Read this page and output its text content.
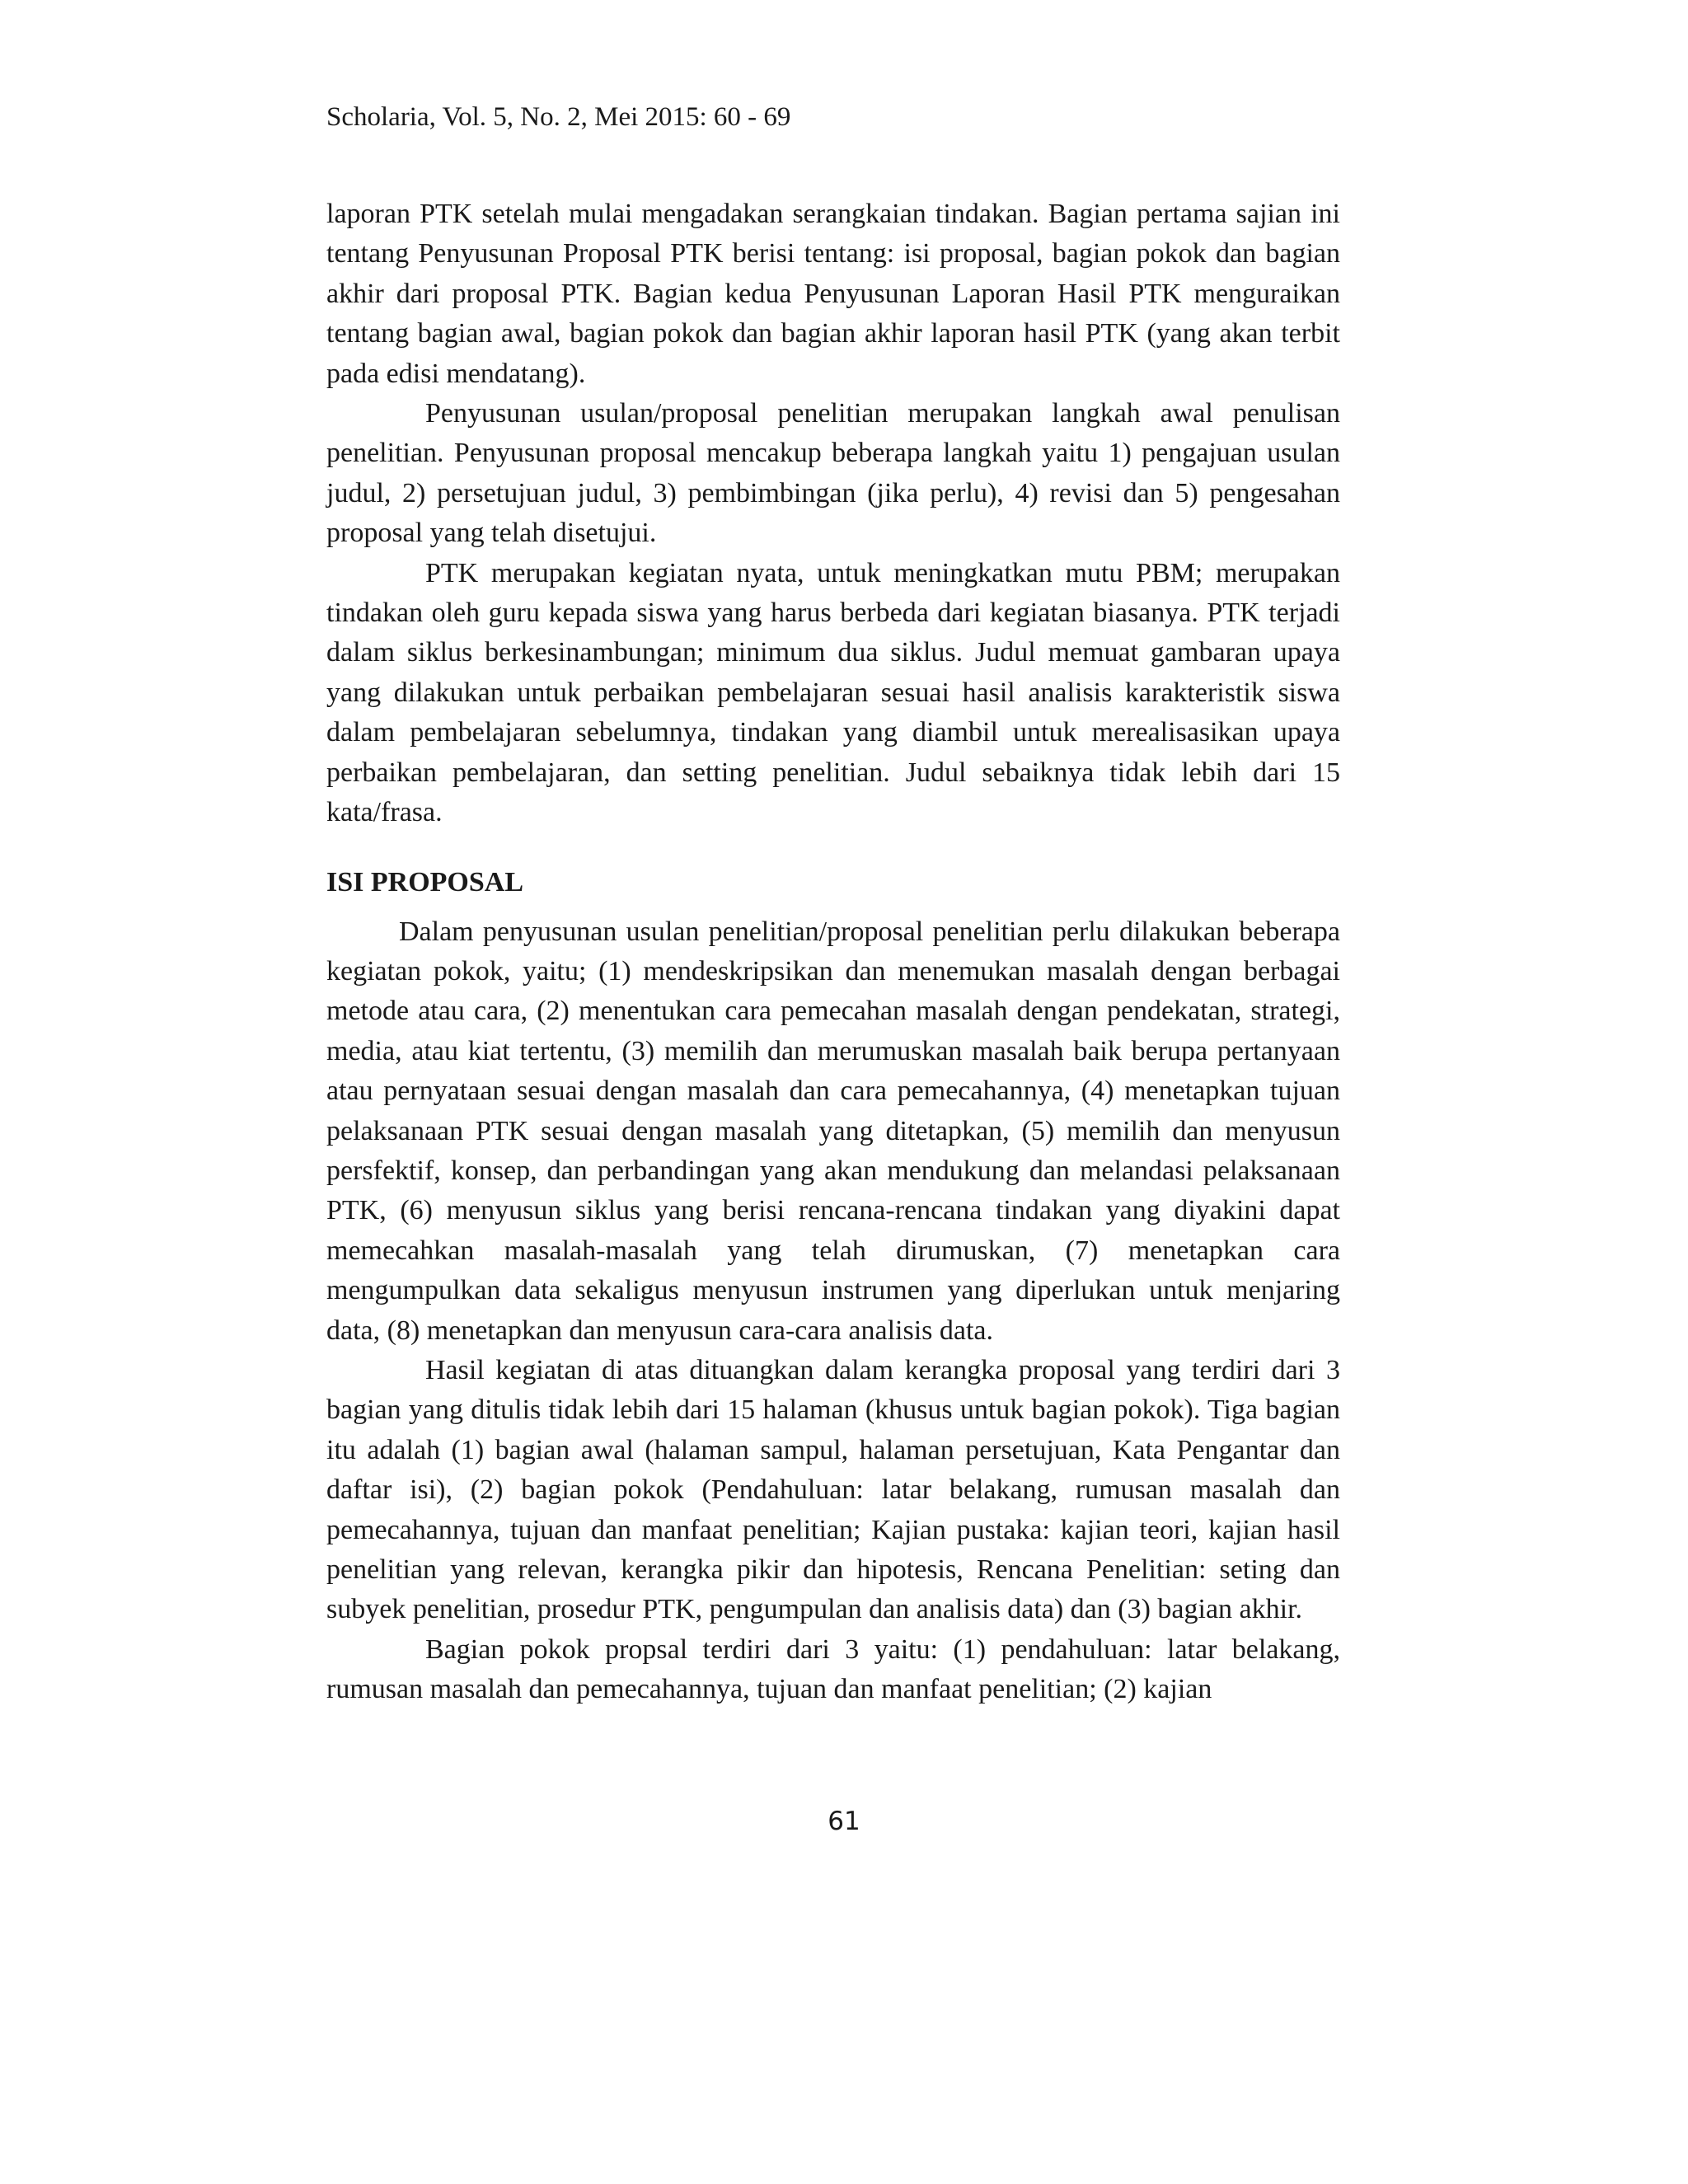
Scholaria, Vol. 5, No. 2, Mei 2015: 60 - 69

laporan PTK setelah mulai mengadakan serangkaian tindakan. Bagian pertama sajian ini tentang Penyusunan Proposal PTK berisi tentang: isi proposal, bagian pokok dan bagian akhir dari proposal PTK. Bagian kedua Penyusunan Laporan Hasil PTK menguraikan tentang bagian awal, bagian pokok dan bagian akhir laporan hasil PTK (yang akan terbit pada edisi mendatang).

Penyusunan usulan/proposal penelitian merupakan langkah awal penulisan penelitian. Penyusunan proposal mencakup beberapa langkah yaitu 1) pengajuan usulan judul, 2) persetujuan judul, 3) pembimbingan (jika perlu), 4) revisi dan 5) pengesahan proposal yang telah disetujui.

PTK merupakan kegiatan nyata, untuk meningkatkan mutu PBM; merupakan tindakan oleh guru kepada siswa yang harus berbeda dari kegiatan biasanya. PTK terjadi dalam siklus berkesinambungan; minimum dua siklus. Judul memuat gambaran upaya yang dilakukan untuk perbaikan pembelajaran sesuai hasil analisis karakteristik siswa dalam pembelajaran sebelumnya, tindakan yang diambil untuk merealisasikan upaya perbaikan pembelajaran, dan setting penelitian. Judul sebaiknya tidak lebih dari 15 kata/frasa.

ISI PROPOSAL

Dalam penyusunan usulan penelitian/proposal penelitian perlu dilakukan beberapa kegiatan pokok, yaitu; (1) mendeskripsikan dan menemukan masalah dengan berbagai metode atau cara, (2) menentukan cara pemecahan masalah dengan pendekatan, strategi, media, atau kiat tertentu, (3) memilih dan merumuskan masalah baik berupa pertanyaan atau pernyataan sesuai dengan masalah dan cara pemecahannya, (4) menetapkan tujuan pelaksanaan PTK sesuai dengan masalah yang ditetapkan, (5) memilih dan menyusun persfektif, konsep, dan perbandingan yang akan mendukung dan melandasi pelaksanaan PTK, (6) menyusun siklus yang berisi rencana-rencana tindakan yang diyakini dapat memecahkan masalah-masalah yang telah dirumuskan, (7) menetapkan cara mengumpulkan data sekaligus menyusun instrumen yang diperlukan untuk menjaring data, (8) menetapkan dan menyusun cara-cara analisis data.

Hasil kegiatan di atas dituangkan dalam kerangka proposal yang terdiri dari 3 bagian yang ditulis tidak lebih dari 15 halaman (khusus untuk bagian pokok). Tiga bagian itu adalah (1) bagian awal (halaman sampul, halaman persetujuan, Kata Pengantar dan daftar isi), (2) bagian pokok (Pendahuluan: latar belakang, rumusan masalah dan pemecahannya, tujuan dan manfaat penelitian; Kajian pustaka: kajian teori, kajian hasil penelitian yang relevan, kerangka pikir dan hipotesis, Rencana Penelitian: seting dan subyek penelitian, prosedur PTK, pengumpulan dan analisis data) dan (3) bagian akhir.

Bagian pokok propsal terdiri dari 3 yaitu: (1) pendahuluan: latar belakang, rumusan masalah dan pemecahannya, tujuan dan manfaat penelitian; (2) kajian

61
